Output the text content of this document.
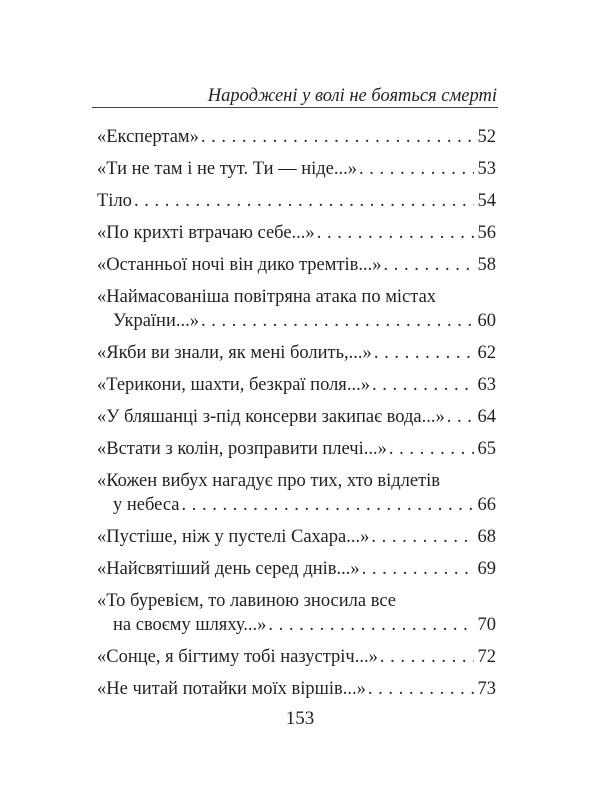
Народжені у волі не бояться смерті
«Експертам» . . .	52
«Ти не там і не тут. Ти — ніде...» . . .	53
Тіло . . .	54
«По крихті втрачаю себе...» . . .	56
«Останньої ночі він дико тремтів...» . . .	58
«Наймасованіша повітряна атака по містах
України...» . . .	60
«Якби ви знали, як мені болить,...» . . .	62
«Терикони, шахти, безкраї поля...» . . .	63
«У бляшанці з-під консерви закипає вода...» . . . 64
«Встати з колін, розправити плечі...» . . .	65
«Кожен вибух нагадує про тих, хто відлетів
у небеса . . .	66
«Пустіше, ніж у пустелі Сахара...» . . .	68
«Найсвятіший день серед днів...» . . .	69
«То буревієм, то лавиною зносила все
на своєму шляху...» . . .	70
«Сонце, я бігтиму тобі назустріч...» . . .	72
«Не читай потайки моїх віршів...» . . .	73
153
